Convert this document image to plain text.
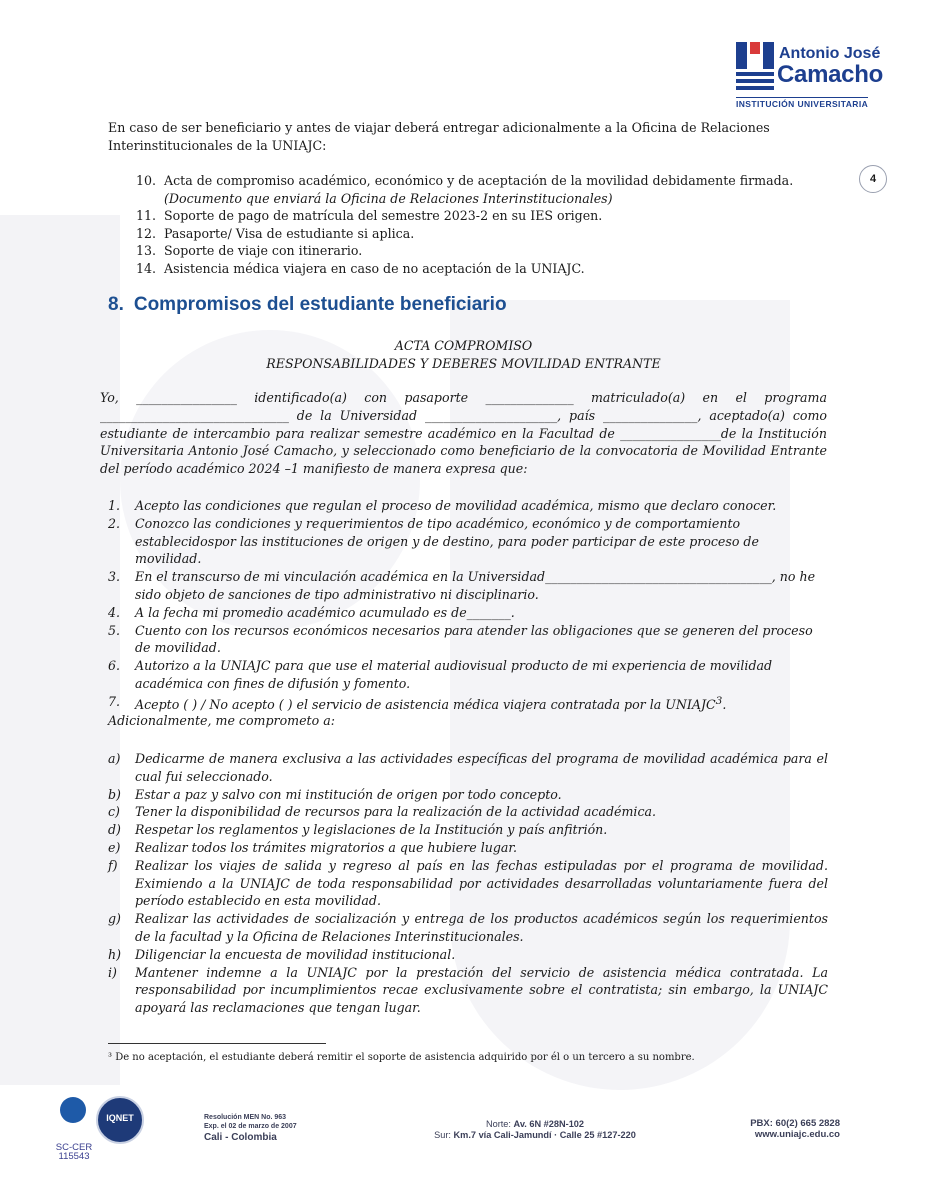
Antonio José
Camacho
INSTITUCIÓN UNIVERSITARIA
4
En caso de ser beneficiario y antes de viajar deberá entregar adicionalmente a la Oficina de Relaciones Interinstitucionales de la UNIAJC:
10. Acta de compromiso académico, económico y de aceptación de la movilidad debidamente firmada.
(Documento que enviará la Oficina de Relaciones Interinstitucionales)
11. Soporte de pago de matrícula del semestre 2023-2 en su IES origen.
12. Pasaporte/ Visa de estudiante si aplica.
13. Soporte de viaje con itinerario.
14. Asistencia médica viajera en caso de no aceptación de la UNIAJC.
8. Compromisos del estudiante beneficiario
ACTA COMPROMISO
RESPONSABILIDADES Y DEBERES MOVILIDAD ENTRANTE
Yo, ________________ identificado(a) con pasaporte ______________ matriculado(a) en el programa ______________________________ de la Universidad _____________________, país _______________, aceptado(a) como estudiante de intercambio para realizar semestre académico en la Facultad de ________________de la Institución Universitaria Antonio José Camacho, y seleccionado como beneficiario de la convocatoria de Movilidad Entrante del período académico 2024 –1 manifiesto de manera expresa que:
1.	Acepto las condiciones que regulan el proceso de movilidad académica, mismo que declaro conocer.
2.	Conozco las condiciones y requerimientos de tipo académico, económico y de comportamiento establecidospor las instituciones de origen y de destino, para poder participar de este proceso de movilidad.
3.	En el transcurso de mi vinculación académica en la Universidad____________________________________, no he sido objeto de sanciones de tipo administrativo ni disciplinario.
4.	A la fecha mi promedio académico acumulado es de_______.
5.	Cuento con los recursos económicos necesarios para atender las obligaciones que se generen del proceso de movilidad.
6.	Autorizo a la UNIAJC para que use el material audiovisual producto de mi experiencia de movilidad académica con fines de difusión y fomento.
7.	Acepto ( ) / No acepto ( ) el servicio de asistencia médica viajera contratada por la UNIAJC$^3$.
Adicionalmente, me comprometo a:
a)	Dedicarme de manera exclusiva a las actividades específicas del programa de movilidad académica para el cual fui seleccionado.
b)	Estar a paz y salvo con mi institución de origen por todo concepto.
c)	Tener la disponibilidad de recursos para la realización de la actividad académica.
d)	Respetar los reglamentos y legislaciones de la Institución y país anfitrión.
e)	Realizar todos los trámites migratorios a que hubiere lugar.
f)	Realizar los viajes de salida y regreso al país en las fechas estipuladas por el programa de movilidad. Eximiendo a la UNIAJC de toda responsabilidad por actividades desarrolladas voluntariamente fuera del período establecido en esta movilidad.
g)	Realizar las actividades de socialización y entrega de los productos académicos según los requerimientos de la facultad y la Oficina de Relaciones Interinstitucionales.
h)	Diligenciar la encuesta de movilidad institucional.
i)	Mantener indemne a la UNIAJC por la prestación del servicio de asistencia médica contratada. La responsabilidad por incumplimientos recae exclusivamente sobre el contratista; sin embargo, la UNIAJC apoyará las reclamaciones que tengan lugar.
³ De no aceptación, el estudiante deberá remitir el soporte de asistencia adquirido por él o un tercero a su nombre.
SC-CER 115543
IQNET	Resolución MEN No. 963
Exp. el 02 de marzo de 2007
Cali - Colombia
Norte: Av. 6N #28N-102
Sur: Km.7 vía Cali-Jamundí · Calle 25 #127-220
PBX: 60(2) 665 2828
www.uniajc.edu.co
